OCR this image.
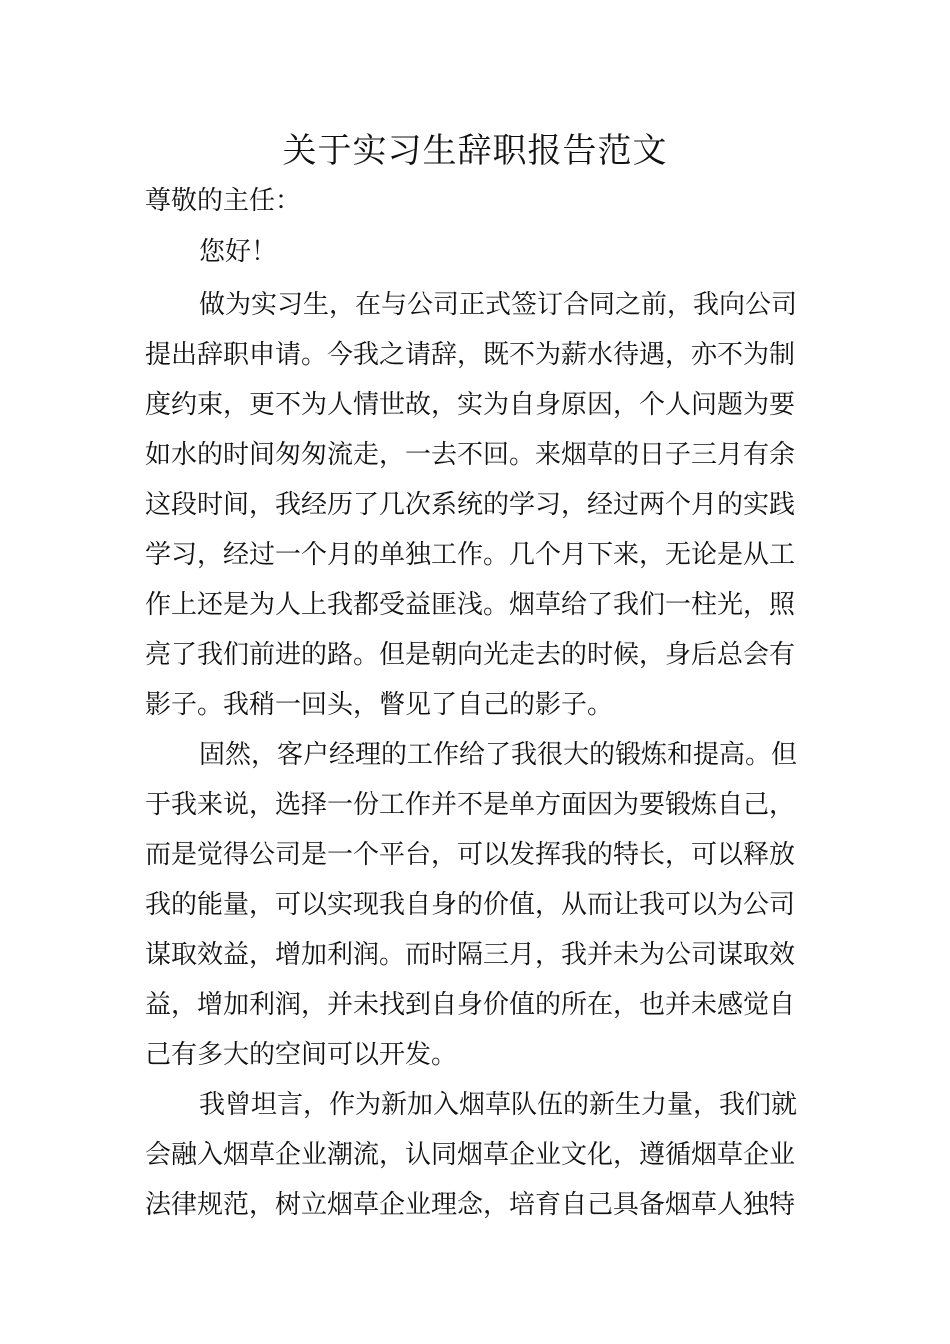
关于实习生辞职报告范文
尊敬的主任：
您好！
做为实习生，在与公司正式签订合同之前，我向公司
提出辞职申请。今我之请辞，既不为薪水待遇，亦不为制
度约束，更不为人情世故，实为自身原因，个人问题为要
如水的时间匆匆流走，一去不回。来烟草的日子三月有余
这段时间，我经历了几次系统的学习，经过两个月的实践
学习，经过一个月的单独工作。几个月下来，无论是从工
作上还是为人上我都受益匪浅。烟草给了我们一柱光，照
亮了我们前进的路。但是朝向光走去的时候，身后总会有
影子。我稍一回头，瞥见了自己的影子。
固然，客户经理的工作给了我很大的锻炼和提高。但
于我来说，选择一份工作并不是单方面因为要锻炼自己，
而是觉得公司是一个平台，可以发挥我的特长，可以释放
我的能量，可以实现我自身的价值，从而让我可以为公司
谋取效益，增加利润。而时隔三月，我并未为公司谋取效
益，增加利润，并未找到自身价值的所在，也并未感觉自
己有多大的空间可以开发。
我曾坦言，作为新加入烟草队伍的新生力量，我们就
会融入烟草企业潮流，认同烟草企业文化，遵循烟草企业
法律规范，树立烟草企业理念，培育自己具备烟草人独特
